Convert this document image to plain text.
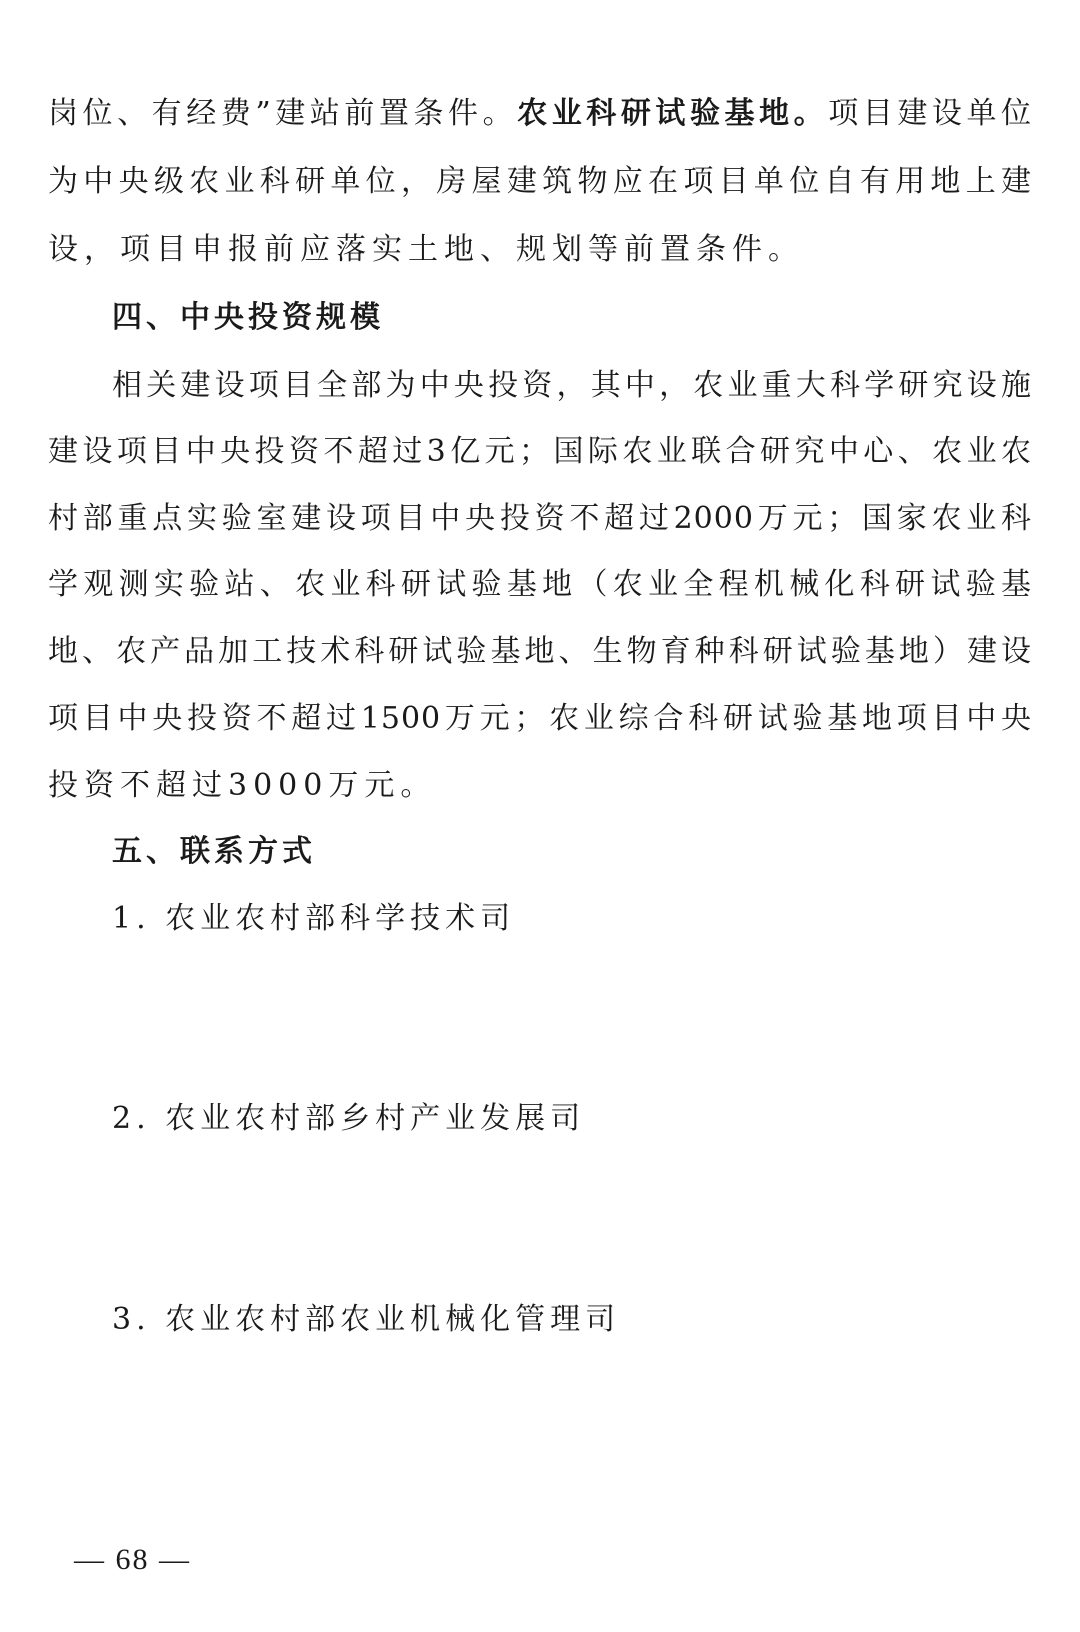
岗位、有经费”建站前置条件。农业科研试验基地。项目建设单位
为中央级农业科研单位，房屋建筑物应在项目单位自有用地上建
设，项目申报前应落实土地、规划等前置条件。
四、中央投资规模
相关建设项目全部为中央投资，其中，农业重大科学研究设施
建设项目中央投资不超过3亿元；国际农业联合研究中心、农业农
村部重点实验室建设项目中央投资不超过2000万元；国家农业科
学观测实验站、农业科研试验基地（农业全程机械化科研试验基
地、农产品加工技术科研试验基地、生物育种科研试验基地）建设
项目中央投资不超过1500万元；农业综合科研试验基地项目中央
投资不超过3000万元。
五、联系方式
1. 农业农村部科学技术司
2. 农业农村部乡村产业发展司
3. 农业农村部农业机械化管理司
— 68 —
